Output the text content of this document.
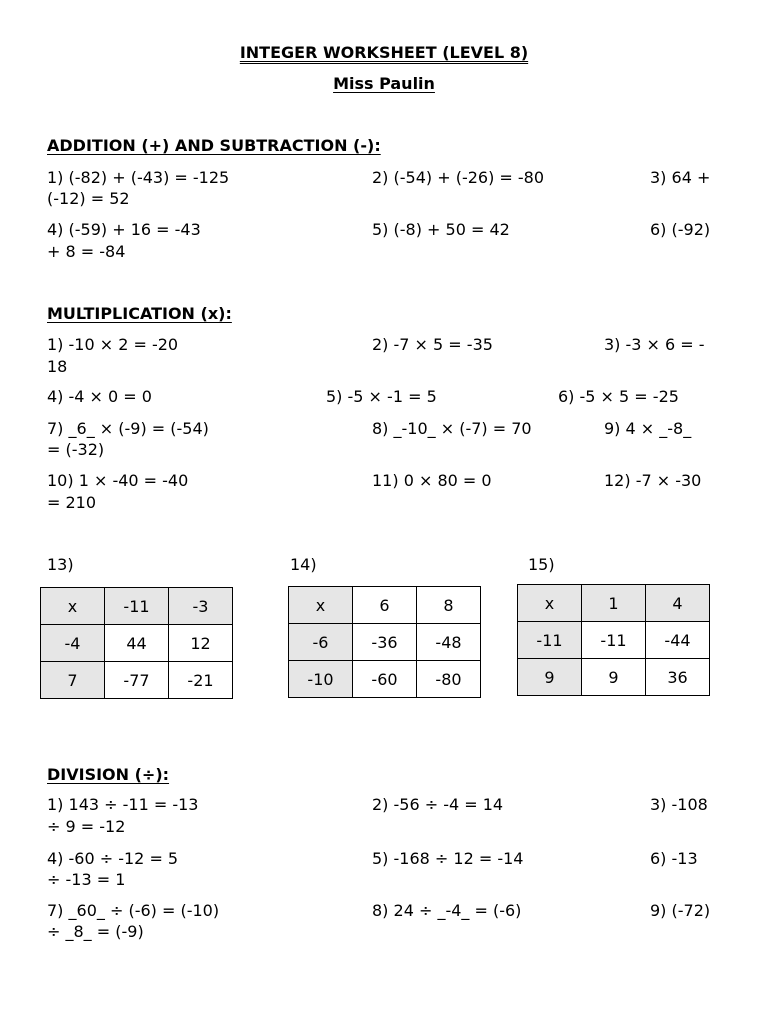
INTEGER WORKSHEET (LEVEL 8)
Miss Paulin
ADDITION (+) AND SUBTRACTION (-):
1) (-82) + (-43) = -125	2) (-54) + (-26) = -80	3) 64 +
(-12) = 52
4) (-59) + 16 = -43	5) (-8) + 50 = 42	6) (-92)
+ 8 = -84
MULTIPLICATION (x):
1) -10 × 2 = -20	2) -7 × 5 = -35	3) -3 × 6 = -
18
4) -4 × 0 = 0	5) -5 × -1 = 5	6) -5 × 5 = -25
7) _6_ × (-9) = (-54)	8) _-10_ × (-7) = 70	9) 4 × _-8_
= (-32)
10) 1 × -40 = -40	11) 0 × 80 = 0	12) -7 × -30
= 210
13)
x	-11	-3
-4	44	12
7	-77	-21
14)
x	6	8
-6	-36	-48
-10	-60	-80
15)
x	1	4
-11	-11	-44
9	9	36
DIVISION (÷):
1) 143 ÷ -11 = -13	2) -56 ÷ -4 = 14	3) -108
÷ 9 = -12
4) -60 ÷ -12 = 5	5) -168 ÷ 12 = -14	6) -13
÷ -13 = 1
7) _60_ ÷ (-6) = (-10)	8) 24 ÷ _-4_ = (-6)	9) (-72)
÷ _8_ = (-9)
